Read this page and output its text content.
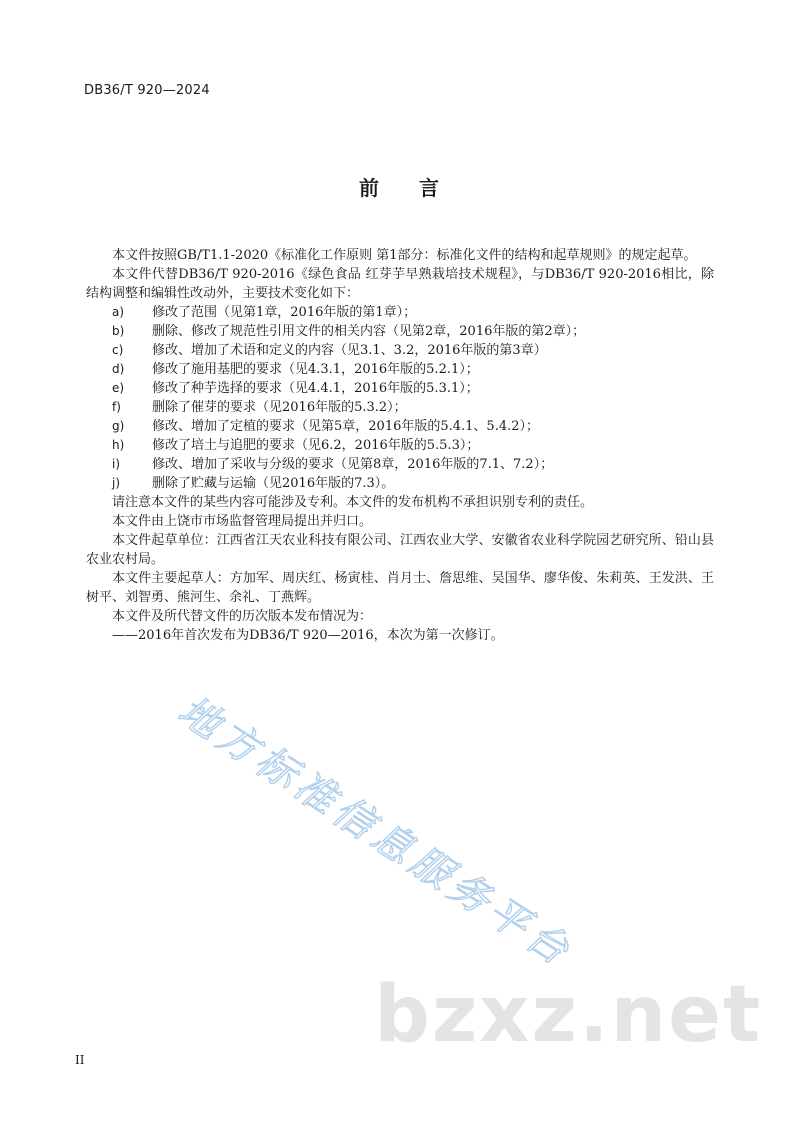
DB36/T 920—2024
前 言

本文件按照GB/T1.1-2020《标准化工作原则 第1部分：标准化文件的结构和起草规则》的规定起草。

本文件代替DB36/T 920-2016《绿色食品 红芽芋早熟栽培技术规程》，与DB36/T 920-2016相比，除结构调整和编辑性改动外，主要技术变化如下：

a)	修改了范围（见第1章，2016年版的第1章）；
b)	删除、修改了规范性引用文件的相关内容（见第2章，2016年版的第2章）；
c)	修改、增加了术语和定义的内容（见3.1、3.2，2016年版的第3章）
d)	修改了施用基肥的要求（见4.3.1，2016年版的5.2.1）；
e)	修改了种芋选择的要求（见4.4.1，2016年版的5.3.1）；
f)	删除了催芽的要求（见2016年版的5.3.2）；
g)	修改、增加了定植的要求（见第5章，2016年版的5.4.1、5.4.2）；
h)	修改了培土与追肥的要求（见6.2，2016年版的5.5.3）；
i)	修改、增加了采收与分级的要求（见第8章，2016年版的7.1、7.2）；
j)	删除了贮藏与运输（见2016年版的7.3）。

请注意本文件的某些内容可能涉及专利。本文件的发布机构不承担识别专利的责任。

本文件由上饶市市场监督管理局提出并归口。

本文件起草单位：江西省江天农业科技有限公司、江西农业大学、安徽省农业科学院园艺研究所、铅山县农业农村局。

本文件主要起草人：方加军、周庆红、杨寅桂、肖月士、詹思维、吴国华、廖华俊、朱莉英、王发洪、王树平、刘智勇、熊河生、余礼、丁燕辉。

本文件及所代替文件的历次版本发布情况为：

——2016年首次发布为DB36/T 920—2016，本次为第一次修订。

地方标准信息服务平台
bzxz.net
II
